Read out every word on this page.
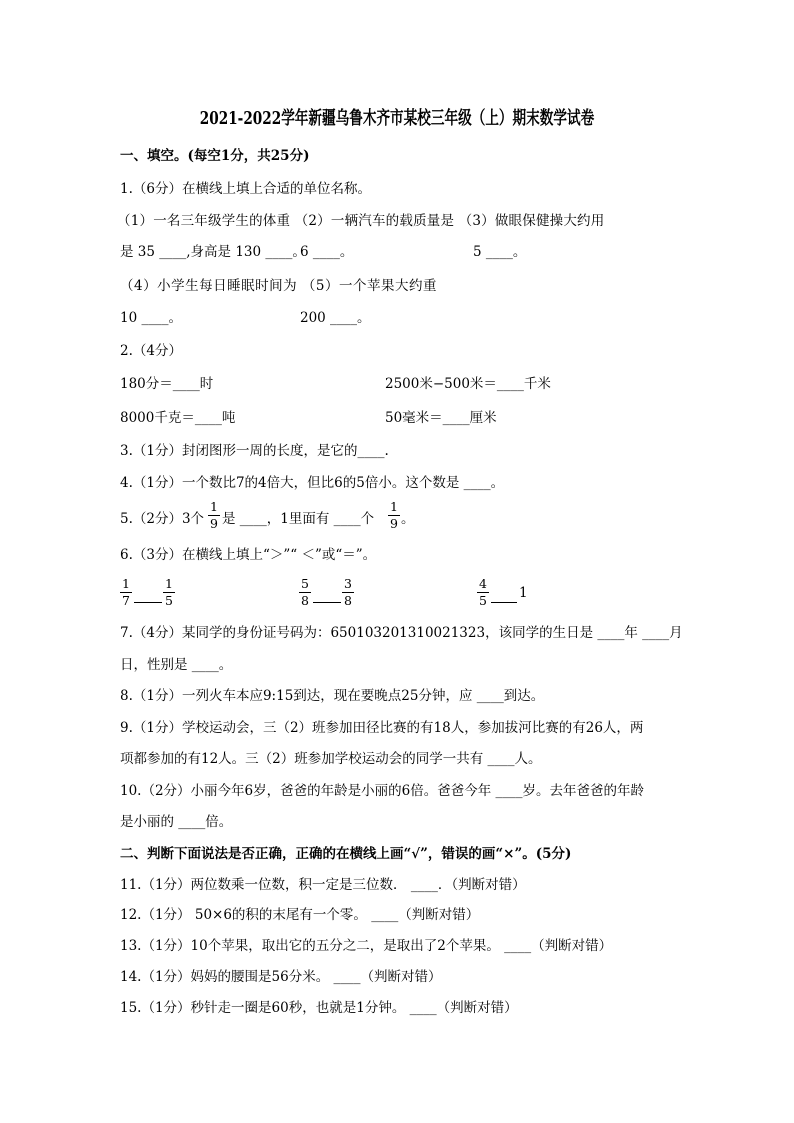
2021-2022学年新疆乌鲁木齐市某校三年级（上）期末数学试卷
一、填空。(每空1分，共25分)
1.（6分）在横线上填上合适的单位名称。
（1）一名三年级学生的体重 （2）一辆汽车的载质量是 （3）做眼保健操大约用
是 35 ____,身高是 130 ____。
6 ____。	5 ____。
（4）小学生每日睡眠时间为 （5）一个苹果大约重
10 ____。	200 ____。
2.（4分）
180分＝____时	2500米−500米＝____千米
8000千克＝____吨	50毫米＝____厘米
3.（1分）封闭图形一周的长度，是它的____.
4.（1分）一个数比7的4倍大，但比6的5倍小。这个数是 ____。
5.（2分）3个
1
9 是 ____，1里面有 ____个
1
9 。
6.（3分）在横线上填上“＞”“ ＜”或“＝”。
1
7
1
5
5
8
3
8
4
5 1
7.（4分）某同学的身份证号码为：650103201310021323，该同学的生日是 ____年 ____月
日，性别是 ____。
8.（1分）一列火车本应9:15到达，现在要晚点25分钟，应 ____到达。
9.（1分）学校运动会，三（2）班参加田径比赛的有18人，参加拔河比赛的有26人，两
项都参加的有12人。三（2）班参加学校运动会的同学一共有 ____人。
10.（2分）小丽今年6岁，爸爸的年龄是小丽的6倍。爸爸今年 ____岁。去年爸爸的年龄
是小丽的 ____倍。
二、判断下面说法是否正确，正确的在横线上画“√”，错误的画“×”。(5分)
11.（1分）两位数乘一位数，积一定是三位数． ____．（判断对错）
12.（1分） 50×6的积的末尾有一个零。 ____（判断对错）
13.（1分）10个苹果，取出它的五分之二，是取出了2个苹果。 ____（判断对错）
14.（1分）妈妈的腰围是56分米。 ____（判断对错）
15.（1分）秒针走一圈是60秒，也就是1分钟。 ____（判断对错）
